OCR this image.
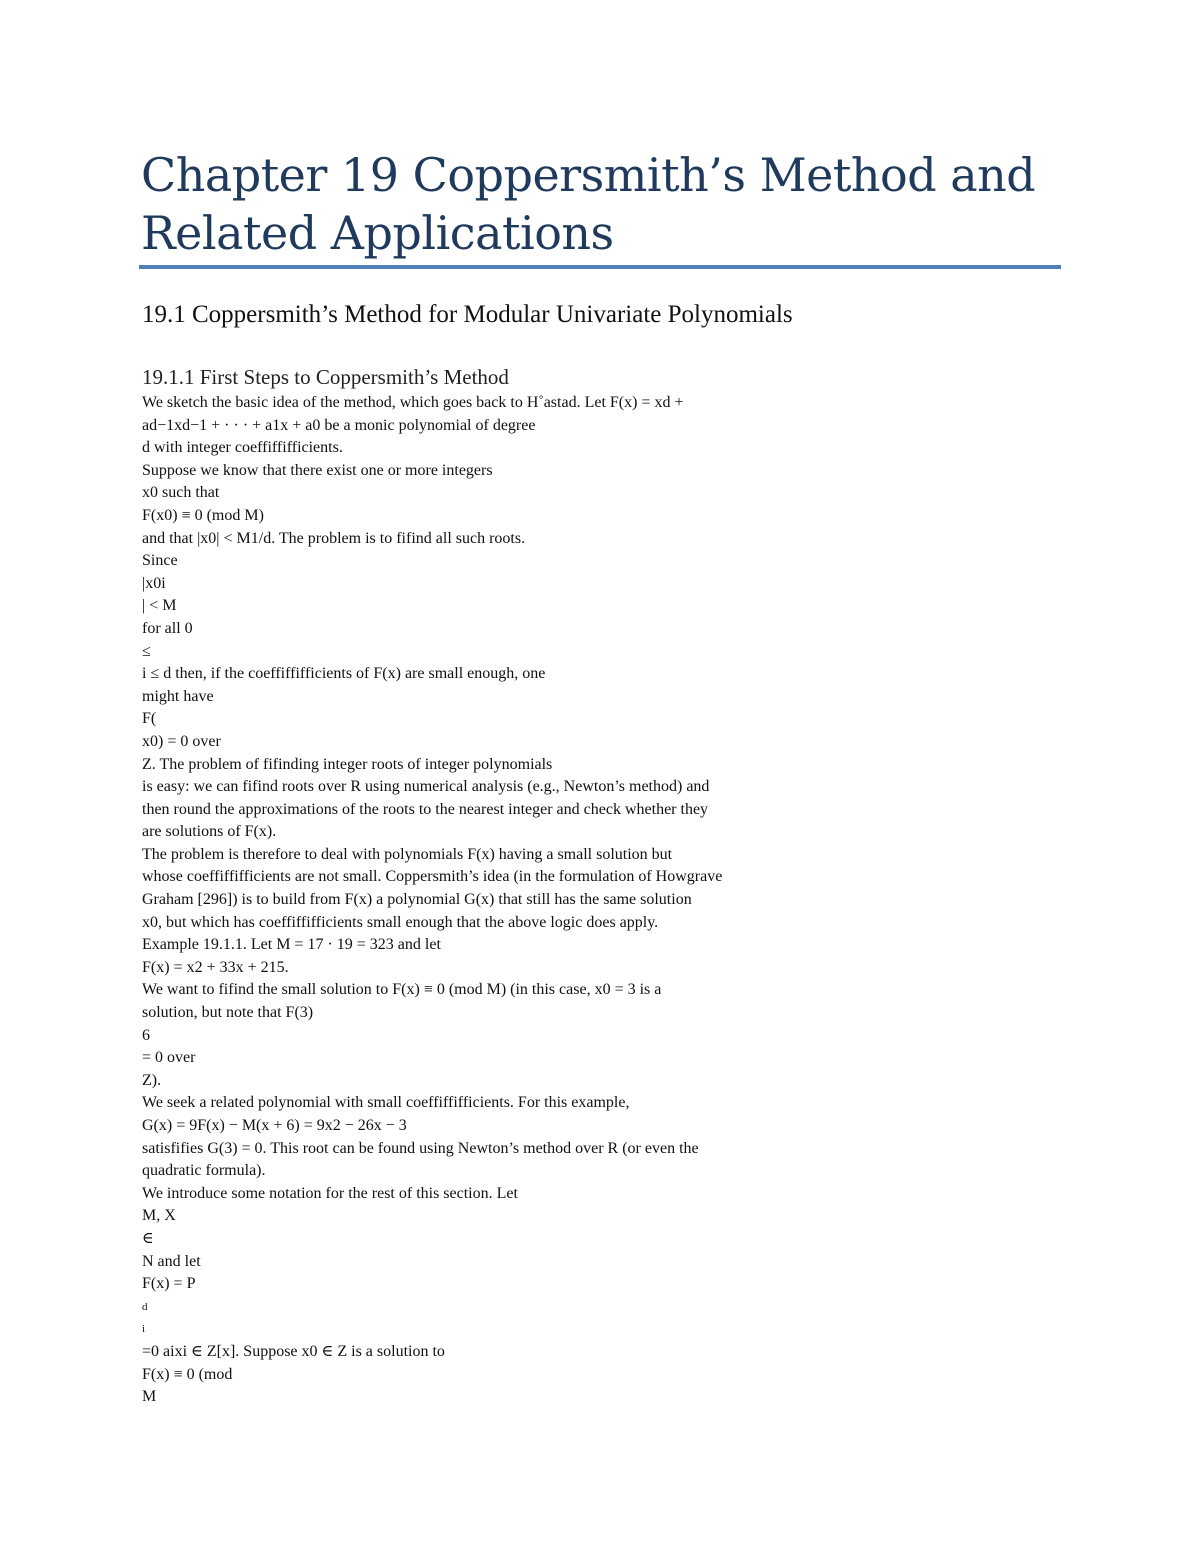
Chapter 19 Coppersmith’s Method and Related Applications
19.1 Coppersmith’s Method for Modular Univariate Polynomials
19.1.1 First Steps to Coppersmith’s Method
We sketch the basic idea of the method, which goes back to H˚astad. Let F(x) = xd +
ad−1xd−1 + · · · + a1x + a0 be a monic polynomial of degree
d with integer coeffiffifficients.
Suppose we know that there exist one or more integers
x0 such that
F(x0) ≡ 0 (mod M)
and that |x0| < M1/d. The problem is to fifind all such roots.
Since
|x0i
| < M
for all 0
≤
i ≤ d then, if the coeffiffifficients of F(x) are small enough, one
might have
F(
x0) = 0 over
Z. The problem of fifinding integer roots of integer polynomials
is easy: we can fifind roots over R using numerical analysis (e.g., Newton’s method) and
then round the approximations of the roots to the nearest integer and check whether they
are solutions of F(x).
The problem is therefore to deal with polynomials F(x) having a small solution but
whose coeffiffifficients are not small. Coppersmith’s idea (in the formulation of Howgrave
Graham [296]) is to build from F(x) a polynomial G(x) that still has the same solution
x0, but which has coeffiffifficients small enough that the above logic does apply.
Example 19.1.1. Let M = 17 · 19 = 323 and let
F(x) = x2 + 33x + 215.
We want to fifind the small solution to F(x) ≡ 0 (mod M) (in this case, x0 = 3 is a
solution, but note that F(3)
6
= 0 over
Z).
We seek a related polynomial with small coeffiffifficients. For this example,
G(x) = 9F(x) − M(x + 6) = 9x2 − 26x − 3
satisfifies G(3) = 0. This root can be found using Newton’s method over R (or even the
quadratic formula).
We introduce some notation for the rest of this section. Let
M, X
∈
N and let
F(x) = P
d
i
=0 aixi ∈ Z[x]. Suppose x0 ∈ Z is a solution to
F(x) ≡ 0 (mod
M
